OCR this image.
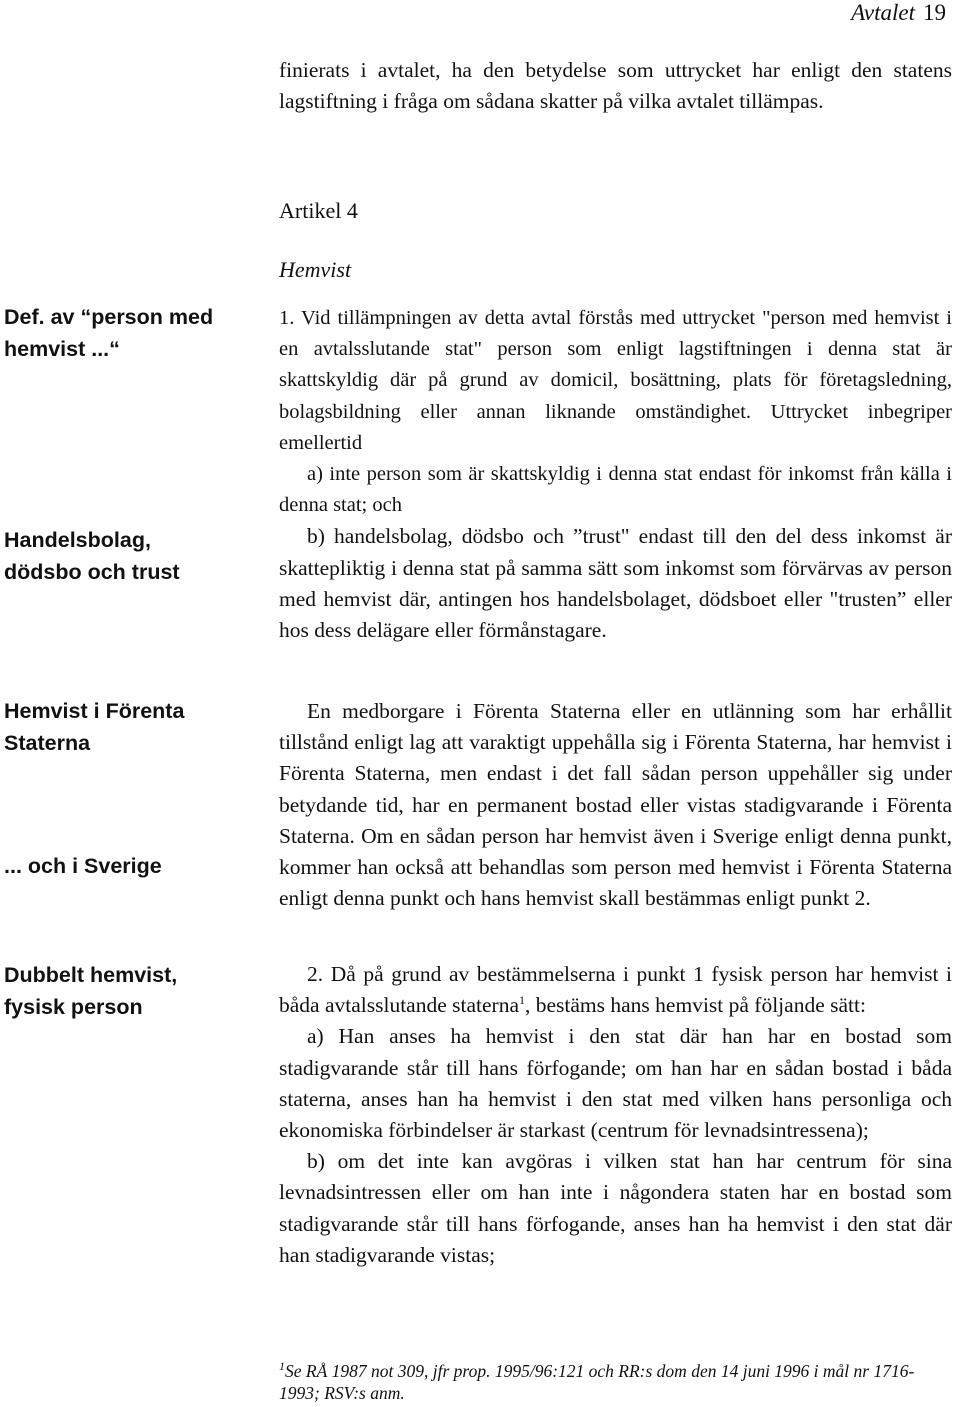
Avtalet 19

finierats i avtalet, ha den betydelse som uttrycket har enligt den statens lagstiftning i fråga om sådana skatter på vilka avtalet tillämpas.

Artikel 4
Hemvist
Def. av “person med hemvist ...“
Handelsbolag, dödsbo och trust
Hemvist i Förenta Staterna
... och i Sverige
Dubbelt hemvist, fysisk person

1. Vid tillämpningen av detta avtal förstås med uttrycket "person med hemvist i en avtalsslutande stat" person som enligt lagstiftningen i denna stat är skattskyldig där på grund av domicil, bosättning, plats för företagsledning, bolagsbildning eller annan liknande omständighet. Uttrycket inbegriper emellertid

a) inte person som är skattskyldig i denna stat endast för inkomst från källa i denna stat; och

b) handelsbolag, dödsbo och ”trust" endast till den del dess inkomst är skattepliktig i denna stat på samma sätt som inkomst som förvärvas av person med hemvist där, antingen hos handelsbolaget, dödsboet eller "trusten” eller hos dess delägare eller förmånstagare.

En medborgare i Förenta Staterna eller en utlänning som har erhållit tillstånd enligt lag att varaktigt uppehålla sig i Förenta Staterna, har hemvist i Förenta Staterna, men endast i det fall sådan person uppehåller sig under betydande tid, har en permanent bostad eller vistas stadigvarande i Förenta Staterna. Om en sådan person har hemvist även i Sverige enligt denna punkt, kommer han också att behandlas som person med hemvist i Förenta Staterna enligt denna punkt och hans hemvist skall bestämmas enligt punkt 2.

2. Då på grund av bestämmelserna i punkt 1 fysisk person har hemvist i båda avtalsslutande staterna$^1$, bestäms hans hemvist på följande sätt:

a) Han anses ha hemvist i den stat där han har en bostad som stadigvarande står till hans förfogande; om han har en sådan bostad i båda staterna, anses han ha hemvist i den stat med vilken hans personliga och ekonomiska förbindelser är starkast (centrum för levnadsintressena);

b) om det inte kan avgöras i vilken stat han har centrum för sina levnadsintressen eller om han inte i någondera staten har en bostad som stadigvarande står till hans förfogande, anses han ha hemvist i den stat där han stadigvarande vistas;

$^1$Se RÅ 1987 not 309, jfr prop. 1995/96:121 och RR:s dom den 14 juni 1996 i mål nr 1716-1993; RSV:s anm.
